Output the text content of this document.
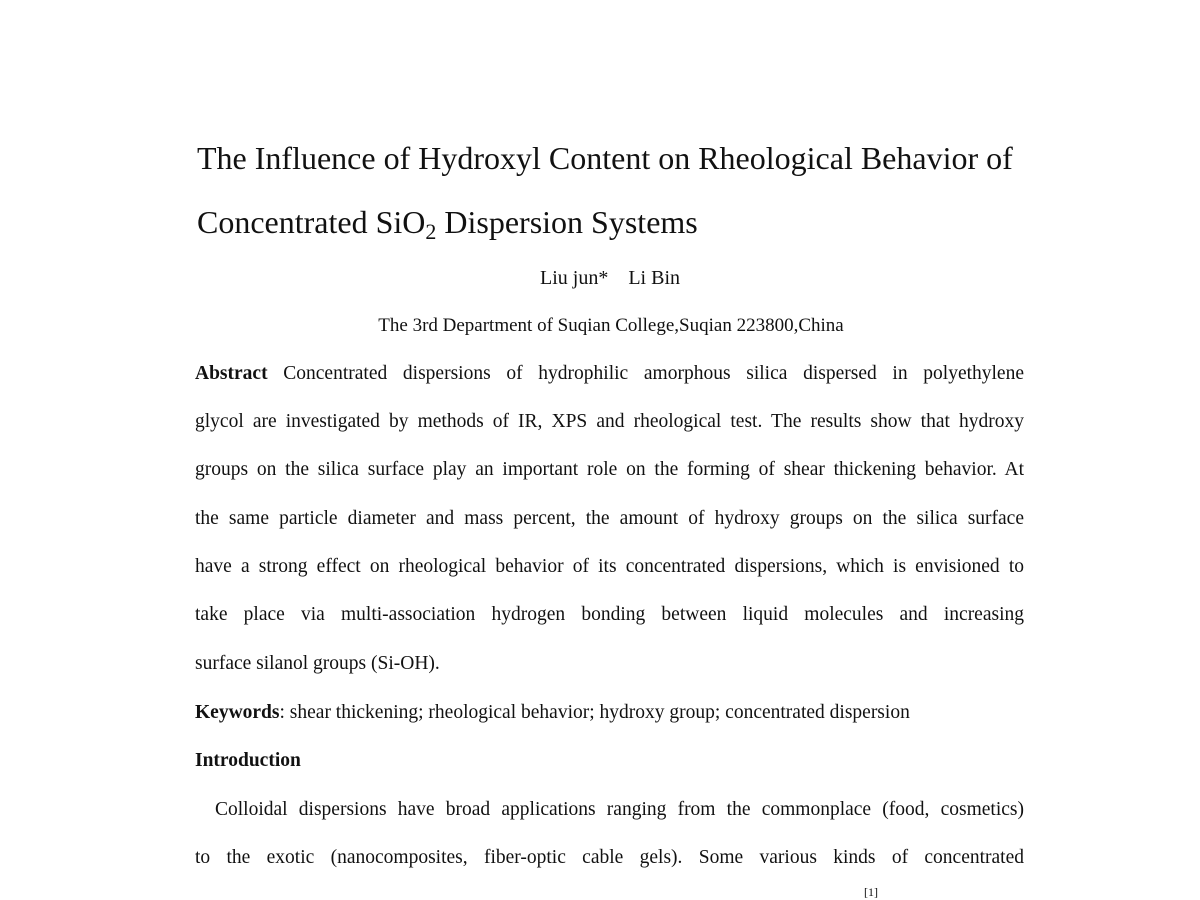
The Influence of Hydroxyl Content on Rheological Behavior of
Concentrated SiO$_2$ Dispersion Systems
Liu jun*    Li Bin
The 3rd Department of Suqian College,Suqian 223800,China
Abstract Concentrated dispersions of hydrophilic amorphous silica dispersed in polyethylene
glycol are investigated by methods of IR, XPS and rheological test. The results show that hydroxy
groups on the silica surface play an important role on the forming of shear thickening behavior. At
the same particle diameter and mass percent, the amount of hydroxy groups on the silica surface
have a strong effect on rheological behavior of its concentrated dispersions, which is envisioned to
take place via multi-association hydrogen bonding between liquid molecules and increasing
surface silanol groups (Si-OH).
Keywords: shear thickening; rheological behavior; hydroxy group; concentrated dispersion
Introduction
Colloidal dispersions have broad applications ranging from the commonplace (food, cosmetics)
to the exotic (nanocomposites, fiber-optic cable gels). Some various kinds of concentrated
[1]
